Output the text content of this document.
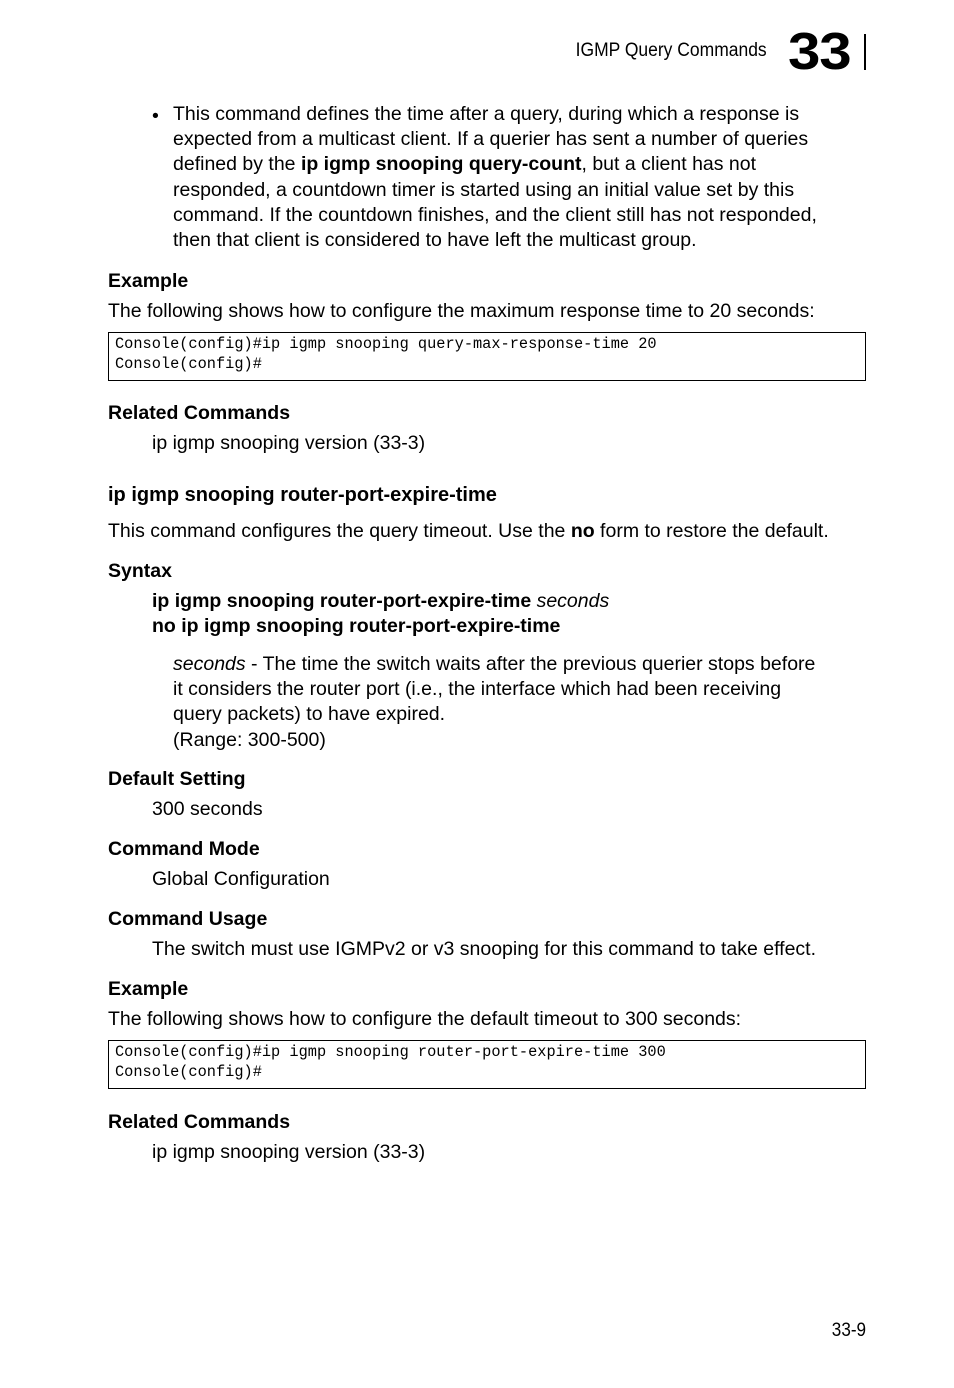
IGMP Query Commands 33
• This command defines the time after a query, during which a response is
expected from a multicast client. If a querier has sent a number of queries
defined by the ip igmp snooping query-count, but a client has not
responded, a countdown timer is started using an initial value set by this
command. If the countdown finishes, and the client still has not responded,
then that client is considered to have left the multicast group.
Example
The following shows how to configure the maximum response time to 20 seconds:
Console(config)#ip igmp snooping query-max-response-time 20
Console(config)#
Related Commands
ip igmp snooping version (33-3)
ip igmp snooping router-port-expire-time
This command configures the query timeout. Use the no form to restore the default.
Syntax
ip igmp snooping router-port-expire-time seconds
no ip igmp snooping router-port-expire-time
seconds - The time the switch waits after the previous querier stops before
it considers the router port (i.e., the interface which had been receiving
query packets) to have expired.
(Range: 300-500)
Default Setting
300 seconds
Command Mode
Global Configuration
Command Usage
The switch must use IGMPv2 or v3 snooping for this command to take effect.
Example
The following shows how to configure the default timeout to 300 seconds:
Console(config)#ip igmp snooping router-port-expire-time 300
Console(config)#
Related Commands
ip igmp snooping version (33-3)
33-9
